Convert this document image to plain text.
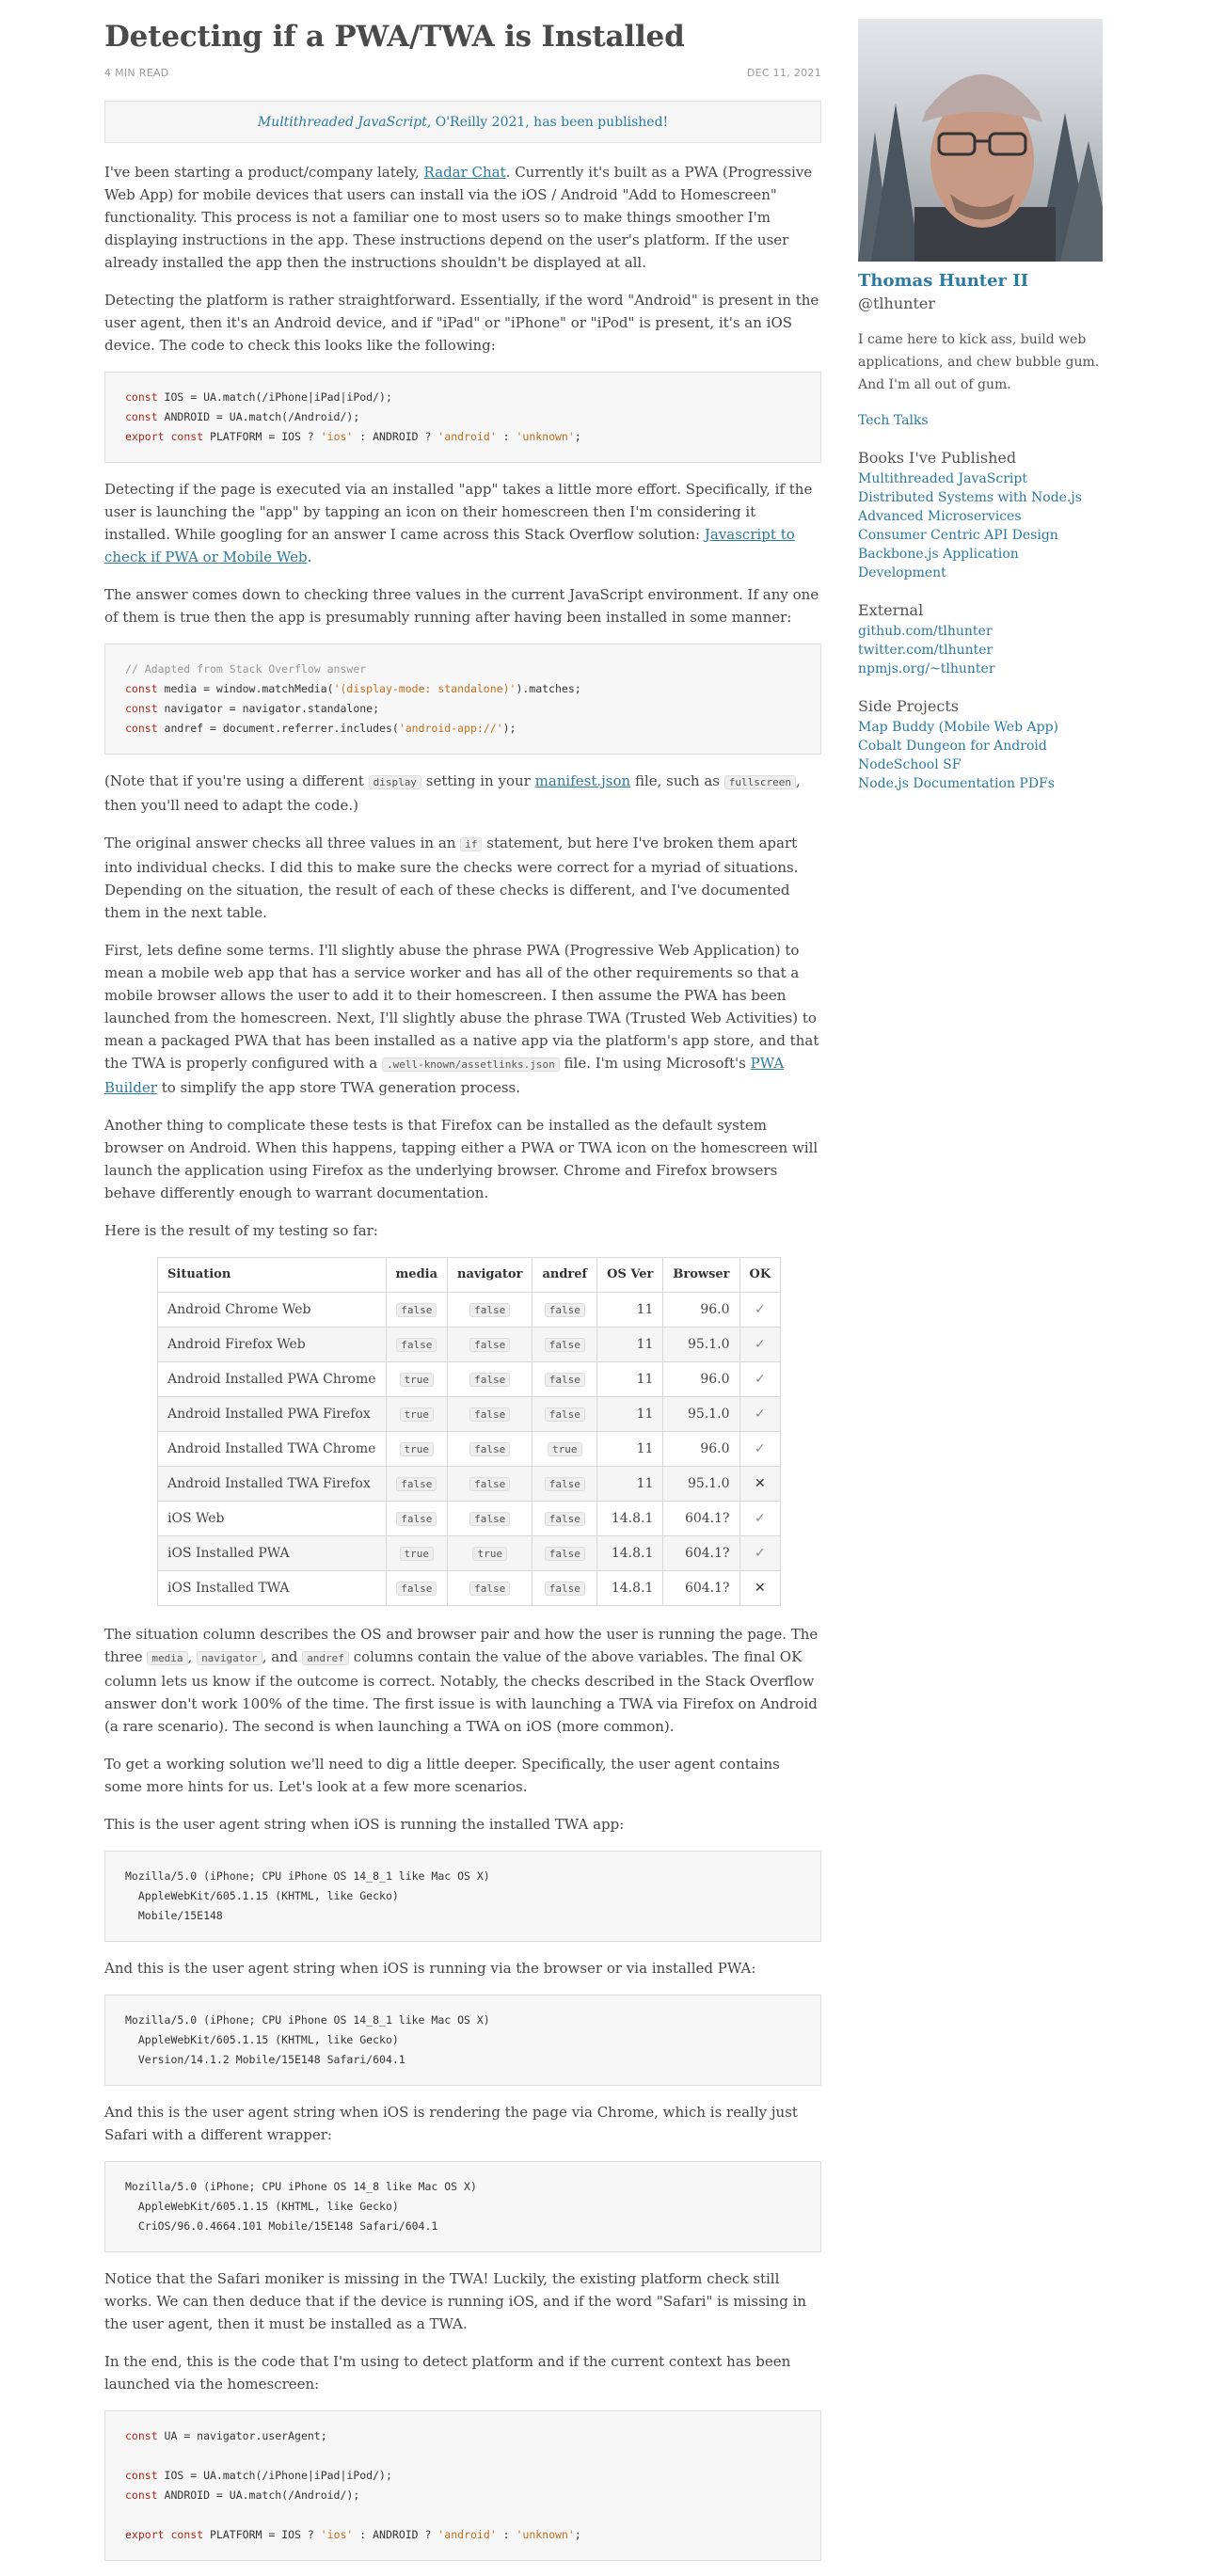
Detecting if a PWA/TWA is Installed
4 MIN READ	DEC 11, 2021
Multithreaded JavaScript, O'Reilly 2021, has been published!

I've been starting a product/company lately, Radar Chat. Currently it's built as a PWA (Progressive Web App) for mobile devices that users can install via the iOS / Android "Add to Homescreen" functionality. This process is not a familiar one to most users so to make things smoother I'm displaying instructions in the app. These instructions depend on the user's platform. If the user already installed the app then the instructions shouldn't be displayed at all.

Detecting the platform is rather straightforward. Essentially, if the word "Android" is present in the user agent, then it's an Android device, and if "iPad" or "iPhone" or "iPod" is present, it's an iOS device. The code to check this looks like the following:

const IOS = UA.match(/iPhone|iPad|iPod/);
const ANDROID = UA.match(/Android/);
export const PLATFORM = IOS ? 'ios' : ANDROID ? 'android' : 'unknown';

Detecting if the page is executed via an installed "app" takes a little more effort. Specifically, if the user is launching the "app" by tapping an icon on their homescreen then I'm considering it installed. While googling for an answer I came across this Stack Overflow solution: Javascript to check if PWA or Mobile Web.

The answer comes down to checking three values in the current JavaScript environment. If any one of them is true then the app is presumably running after having been installed in some manner:

// Adapted from Stack Overflow answer
const media = window.matchMedia('(display-mode: standalone)').matches;
const navigator = navigator.standalone;
const andref = document.referrer.includes('android-app://');

(Note that if you're using a different display setting in your manifest.json file, such as fullscreen , then you'll need to adapt the code.)

The original answer checks all three values in an if statement, but here I've broken them apart into individual checks. I did this to make sure the checks were correct for a myriad of situations. Depending on the situation, the result of each of these checks is different, and I've documented them in the next table.

First, lets define some terms. I'll slightly abuse the phrase PWA (Progressive Web Application) to mean a mobile web app that has a service worker and has all of the other requirements so that a mobile browser allows the user to add it to their homescreen. I then assume the PWA has been launched from the homescreen. Next, I'll slightly abuse the phrase TWA (Trusted Web Activities) to mean a packaged PWA that has been installed as a native app via the platform's app store, and that the TWA is properly configured with a .well-known/assetlinks.json file. I'm using Microsoft's PWA Builder to simplify the app store TWA generation process.

Another thing to complicate these tests is that Firefox can be installed as the default system browser on Android. When this happens, tapping either a PWA or TWA icon on the homescreen will launch the application using Firefox as the underlying browser. Chrome and Firefox browsers behave differently enough to warrant documentation.

Here is the result of my testing so far:

Situation	media	navigator	andref	OS Ver	Browser	OK
Android Chrome Web	false	false	false	11	96.0	✓
Android Firefox Web	false	false	false	11	95.1.0	✓
Android Installed PWA Chrome	true	false	false	11	96.0	✓
Android Installed PWA Firefox	true	false	false	11	95.1.0	✓
Android Installed TWA Chrome	true	false	true	11	96.0	✓
Android Installed TWA Firefox	false	false	false	11	95.1.0	✕
iOS Web	false	false	false	14.8.1	604.1?	✓
iOS Installed PWA	true	true	false	14.8.1	604.1?	✓
iOS Installed TWA	false	false	false	14.8.1	604.1?	✕

The situation column describes the OS and browser pair and how the user is running the page. The three media , navigator , and andref columns contain the value of the above variables. The final OK column lets us know if the outcome is correct. Notably, the checks described in the Stack Overflow answer don't work 100% of the time. The first issue is with launching a TWA via Firefox on Android (a rare scenario). The second is when launching a TWA on iOS (more common).

To get a working solution we'll need to dig a little deeper. Specifically, the user agent contains some more hints for us. Let's look at a few more scenarios.

This is the user agent string when iOS is running the installed TWA app:

Mozilla/5.0 (iPhone; CPU iPhone OS 14_8_1 like Mac OS X)
AppleWebKit/605.1.15 (KHTML, like Gecko)
Mobile/15E148

And this is the user agent string when iOS is running via the browser or via installed PWA:

Mozilla/5.0 (iPhone; CPU iPhone OS 14_8_1 like Mac OS X)
AppleWebKit/605.1.15 (KHTML, like Gecko)
Version/14.1.2 Mobile/15E148 Safari/604.1

And this is the user agent string when iOS is rendering the page via Chrome, which is really just Safari with a different wrapper:

Mozilla/5.0 (iPhone; CPU iPhone OS 14_8 like Mac OS X)
AppleWebKit/605.1.15 (KHTML, like Gecko)
CriOS/96.0.4664.101 Mobile/15E148 Safari/604.1

Notice that the Safari moniker is missing in the TWA! Luckily, the existing platform check still works. We can then deduce that if the device is running iOS, and if the word "Safari" is missing in the user agent, then it must be installed as a TWA.

In the end, this is the code that I'm using to detect platform and if the current context has been launched via the homescreen:

const UA = navigator.userAgent;

const IOS = UA.match(/iPhone|iPad|iPod/);
const ANDROID = UA.match(/Android/);

export const PLATFORM = IOS ? 'ios' : ANDROID ? 'android' : 'unknown';
Thomas Hunter II
@tlhunter
I came here to kick ass, build web applications, and chew bubble gum. And I'm all out of gum.
Tech Talks
Books I've Published
Multithreaded JavaScript
Distributed Systems with Node.js
Advanced Microservices
Consumer Centric API Design
Backbone.js Application Development
External
github.com/tlhunter
twitter.com/tlhunter
npmjs.org/~tlhunter
Side Projects
Map Buddy (Mobile Web App)
Cobalt Dungeon for Android
NodeSchool SF
Node.js Documentation PDFs
